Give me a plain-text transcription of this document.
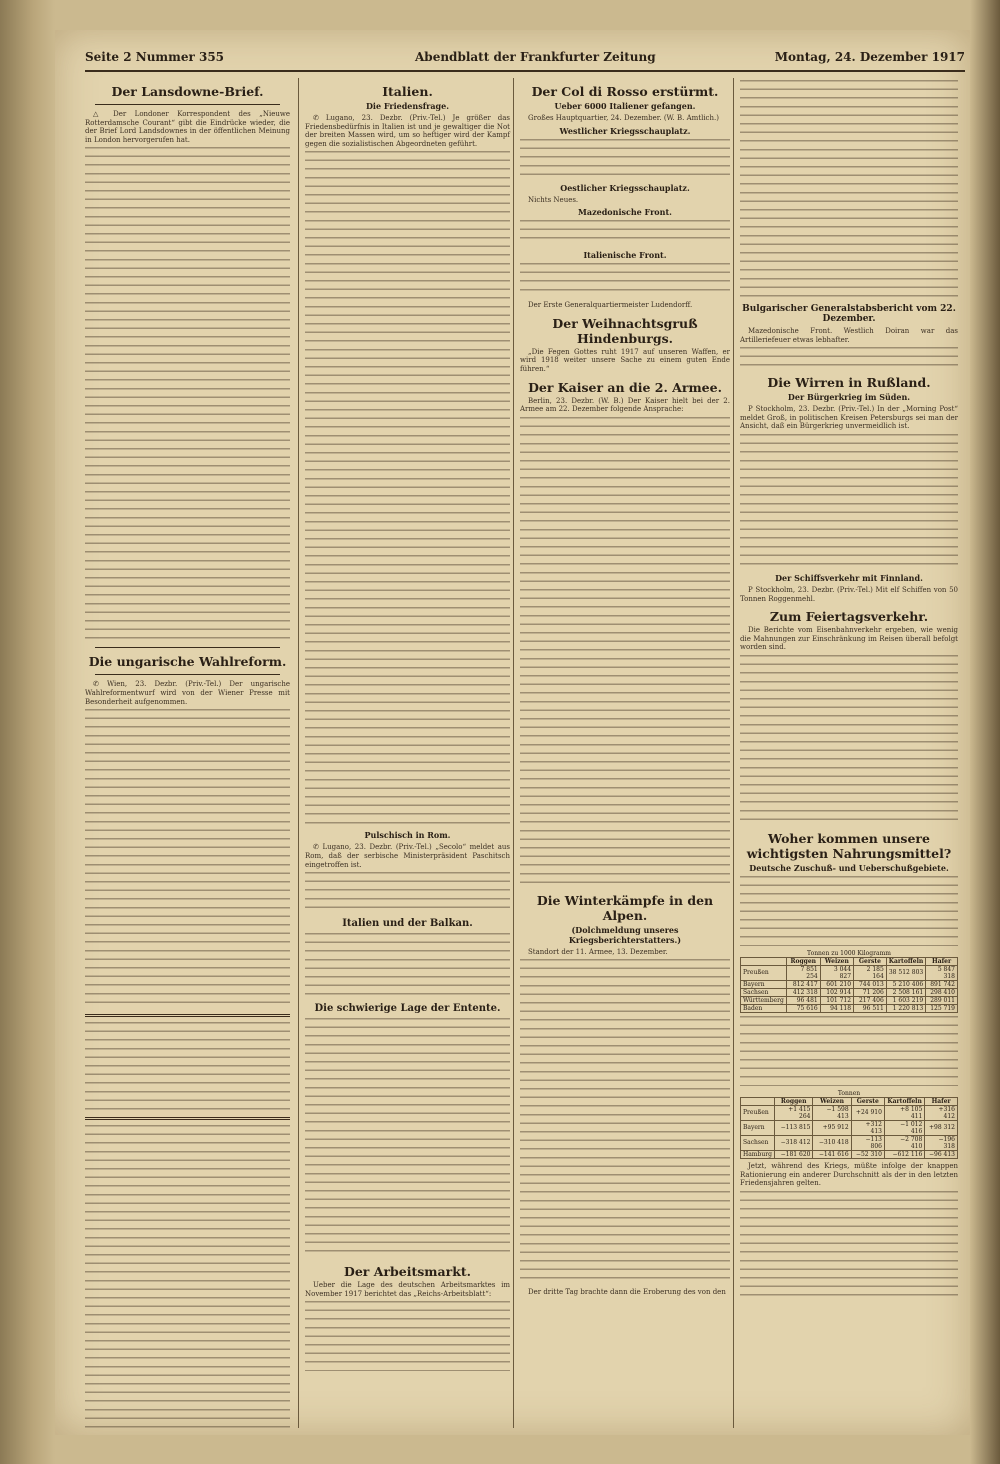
Seite 2 Nummer 355	Abendblatt der Frankfurter Zeitung	Montag, 24. Dezember 1917
Der Lansdowne-Brief.

△ Der Londoner Korrespondent des „Nieuwe Rotterdamsche Courant“ gibt die Eindrücke wieder, die der Brief Lord Landsdownes in der öffentlichen Meinung in London hervorgerufen hat.

Die ungarische Wahlreform.

✆ Wien, 23. Dezbr. (Priv.-Tel.) Der ungarische Wahlreformentwurf wird von der Wiener Presse mit Besonderheit aufgenommen.

Italien.
Die Friedensfrage.

✆ Lugano, 23. Dezbr. (Priv.-Tel.) Je größer das Friedensbedürfnis in Italien ist und je gewaltiger die Not der breiten Massen wird, um so heftiger wird der Kampf gegen die sozialistischen Abgeordneten geführt.

Pulschisch in Rom.

✆ Lugano, 23. Dezbr. (Priv.-Tel.) „Secolo“ meldet aus Rom, daß der serbische Ministerpräsident Paschitsch eingetroffen ist.

Italien und der Balkan.
Die schwierige Lage der Entente.
Der Arbeitsmarkt.

Ueber die Lage des deutschen Arbeitsmarktes im November 1917 berichtet das „Reichs-Arbeitsblatt“:

Der Col di Rosso erstürmt.
Ueber 6000 Italiener gefangen.

Großes Hauptquartier, 24. Dezember. (W. B. Amtlich.)

Westlicher Kriegsschauplatz.
Oestlicher Kriegsschauplatz.

Nichts Neues.

Mazedonische Front.
Italienische Front.

Der Erste Generalquartiermeister Ludendorff.

Der Weihnachtsgruß Hindenburgs.

„Die Fegen Gottes ruht 1917 auf unseren Waffen, er wird 1918 weiter unsere Sache zu einem guten Ende führen.“

Der Kaiser an die 2. Armee.

Berlin, 23. Dezbr. (W. B.) Der Kaiser hielt bei der 2. Armee am 22. Dezember folgende Ansprache:

Die Winterkämpfe in den Alpen.
(Dolchmeldung unseres Kriegsberichterstatters.)

Standort der 11. Armee, 13. Dezember.

Der dritte Tag brachte dann die Eroberung des von den

Bulgarischer Generalstabsbericht vom 22. Dezember.

Mazedonische Front. Westlich Doiran war das Artilleriefeuer etwas lebhafter.

Die Wirren in Rußland.
Der Bürgerkrieg im Süden.

P Stockholm, 23. Dezbr. (Priv.-Tel.) In der „Morning Post“ meldet Groß, in politischen Kreisen Petersburgs sei man der Ansicht, daß ein Bürgerkrieg unvermeidlich ist.

Der Schiffsverkehr mit Finnland.

P Stockholm, 23. Dezbr. (Priv.-Tel.) Mit elf Schiffen von 50 Tonnen Roggenmehl.

Zum Feiertagsverkehr.

Die Berichte vom Eisenbahnverkehr ergeben, wie wenig die Mahnungen zur Einschränkung im Reisen überall befolgt worden sind.

Woher kommen unsere wichtigsten Nahrungsmittel?
Deutsche Zuschuß- und Ueberschußgebiete.
Tonnen zu 1000 Kilogramm
	Roggen	Weizen	Gerste	Kartoffeln	Hafer
Preußen	7 851 254	3 044 827	2 185 164	38 512 803	5 847 318
Bayern	812 417	601 210	744 013	5 210 406	891 742
Sachsen	412 318	102 914	71 206	2 508 161	298 410
Württemberg	96 481	101 712	217 406	1 603 219	289 011
Baden	75 616	94 118	96 511	1 220 813	125 719
Tonnen
	Roggen	Weizen	Gerste	Kartoffeln	Hafer
Preußen	+1 415 264	−1 598 413	+24 910	+8 105 411	+316 412
Bayern	−113 815	+95 912	+312 413	−1 012 416	+98 312
Sachsen	−318 412	−310 418	−113 806	−2 708 410	−196 318
Hamburg	−181 620	−141 616	−52 310	−612 116	−96 413

Jetzt, während des Kriegs, müßte infolge der knappen Rationierung ein anderer Durchschnitt als der in den letzten Friedensjahren gelten.
